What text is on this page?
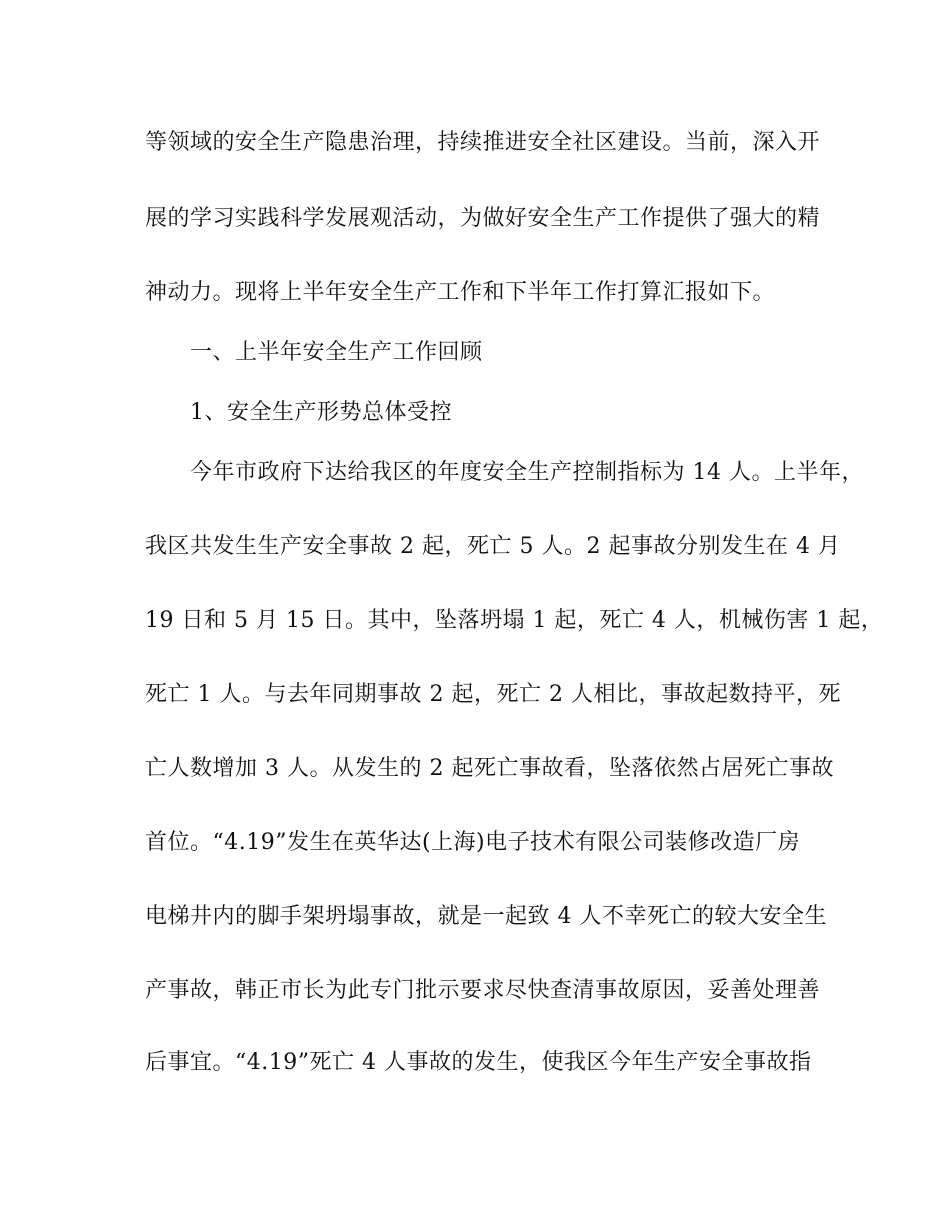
等领域的安全生产隐患治理，持续推进安全社区建设。当前，深入开
展的学习实践科学发展观活动，为做好安全生产工作提供了强大的精
神动力。现将上半年安全生产工作和下半年工作打算汇报如下。
一、上半年安全生产工作回顾
1、安全生产形势总体受控
今年市政府下达给我区的年度安全生产控制指标为 14 人。上半年，
我区共发生生产安全事故 2 起，死亡 5 人。2 起事故分别发生在 4 月
19 日和 5 月 15 日。其中，坠落坍塌 1 起，死亡 4 人，机械伤害 1 起，
死亡 1 人。与去年同期事故 2 起，死亡 2 人相比，事故起数持平，死
亡人数增加 3 人。从发生的 2 起死亡事故看，坠落依然占居死亡事故
首位。“4.19”发生在英华达(上海)电子技术有限公司装修改造厂房
电梯井内的脚手架坍塌事故，就是一起致 4 人不幸死亡的较大安全生
产事故，韩正市长为此专门批示要求尽快查清事故原因，妥善处理善
后事宜。“4.19”死亡 4 人事故的发生，使我区今年生产安全事故指
